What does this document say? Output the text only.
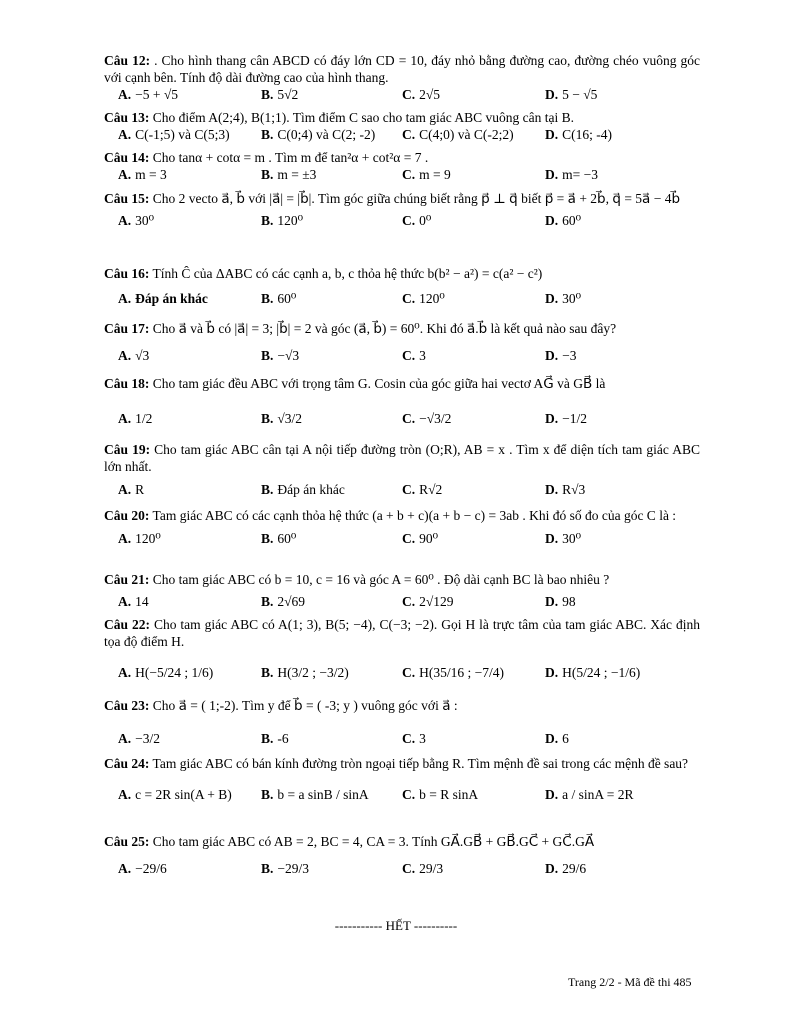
Câu 12: . Cho hình thang cân ABCD có đáy lớn CD = 10, đáy nhỏ bằng đường cao, đường chéo vuông góc với cạnh bên. Tính độ dài đường cao của hình thang.
A. −5 + √5	B. 5√2	C. 2√5	D. 5 − √5
Câu 13: Cho điểm A(2;4), B(1;1). Tìm điểm C sao cho tam giác ABC vuông cân tại B.
A. C(-1;5) và C(5;3) B. C(0;4) và C(2; -2) C. C(4;0) và C(-2;2) D. C(16; -4)
Câu 14: Cho tanα + cotα = m . Tìm m để tan²α + cot²α = 7 .
A. m = 3	B. m = ±3	C. m = 9	D. m= −3
Câu 15: Cho 2 vecto a⃗, b⃗ với |a⃗| = |b⃗|. Tìm góc giữa chúng biết rằng p⃗ ⊥ q⃗ biết p⃗ = a⃗ + 2b⃗, q⃗ = 5a⃗ − 4b⃗
A. 30⁰	B. 120⁰	C. 0⁰	D. 60⁰
Câu 16: Tính Ĉ của ΔABC có các cạnh a, b, c thỏa hệ thức b(b² − a²) = c(a² − c²)
A. Đáp án khác	B. 60⁰	C. 120⁰	D. 30⁰
Câu 17: Cho a⃗ và b⃗ có |a⃗| = 3; |b⃗| = 2 và góc (a⃗, b⃗) = 60⁰. Khi đó a⃗.b⃗ là kết quả nào sau đây?
A. √3	B. −√3	C. 3	D. −3
Câu 18: Cho tam giác đều ABC với trọng tâm G. Cosin của góc giữa hai vectơ AG⃗ và GB⃗ là
A. 1/2	B. √3/2	C. −√3/2	D. −1/2
Câu 19: Cho tam giác ABC cân tại A nội tiếp đường tròn (O;R), AB = x . Tìm x để diện tích tam giác ABC lớn nhất.
A. R	B. Đáp án khác	C. R√2	D. R√3
Câu 20: Tam giác ABC có các cạnh thỏa hệ thức (a + b + c)(a + b − c) = 3ab . Khi đó số đo của góc C là :
A. 120⁰	B. 60⁰	C. 90⁰	D. 30⁰
Câu 21: Cho tam giác ABC có b = 10, c = 16 và góc A = 60⁰ . Độ dài cạnh BC là bao nhiêu ?
A. 14	B. 2√69	C. 2√129	D. 98
Câu 22: Cho tam giác ABC có A(1; 3), B(5; −4), C(−3; −2). Gọi H là trực tâm của tam giác ABC. Xác định tọa độ điểm H.
A. H(−5/24 ; 1/6)	B. H(3/2 ; −3/2)	C. H(35/16 ; −7/4)	D. H(5/24 ; −1/6)
Câu 23: Cho a⃗ = ( 1;-2). Tìm y để b⃗ = ( -3; y ) vuông góc với a⃗ :
A. −3/2	B. -6	C. 3	D. 6
Câu 24: Tam giác ABC có bán kính đường tròn ngoại tiếp bằng R. Tìm mệnh đề sai trong các mệnh đề sau?
A. c = 2R sin(A + B) B. b = a sinB / sinA C. b = R sinA	D. a / sinA = 2R
Câu 25: Cho tam giác ABC có AB = 2, BC = 4, CA = 3. Tính GA⃗.GB⃗ + GB⃗.GC⃗ + GC⃗.GA⃗
A. −29/6	B. −29/3	C. 29/3	D. 29/6
----------- HẾT ----------
Trang 2/2 - Mã đề thi 485
